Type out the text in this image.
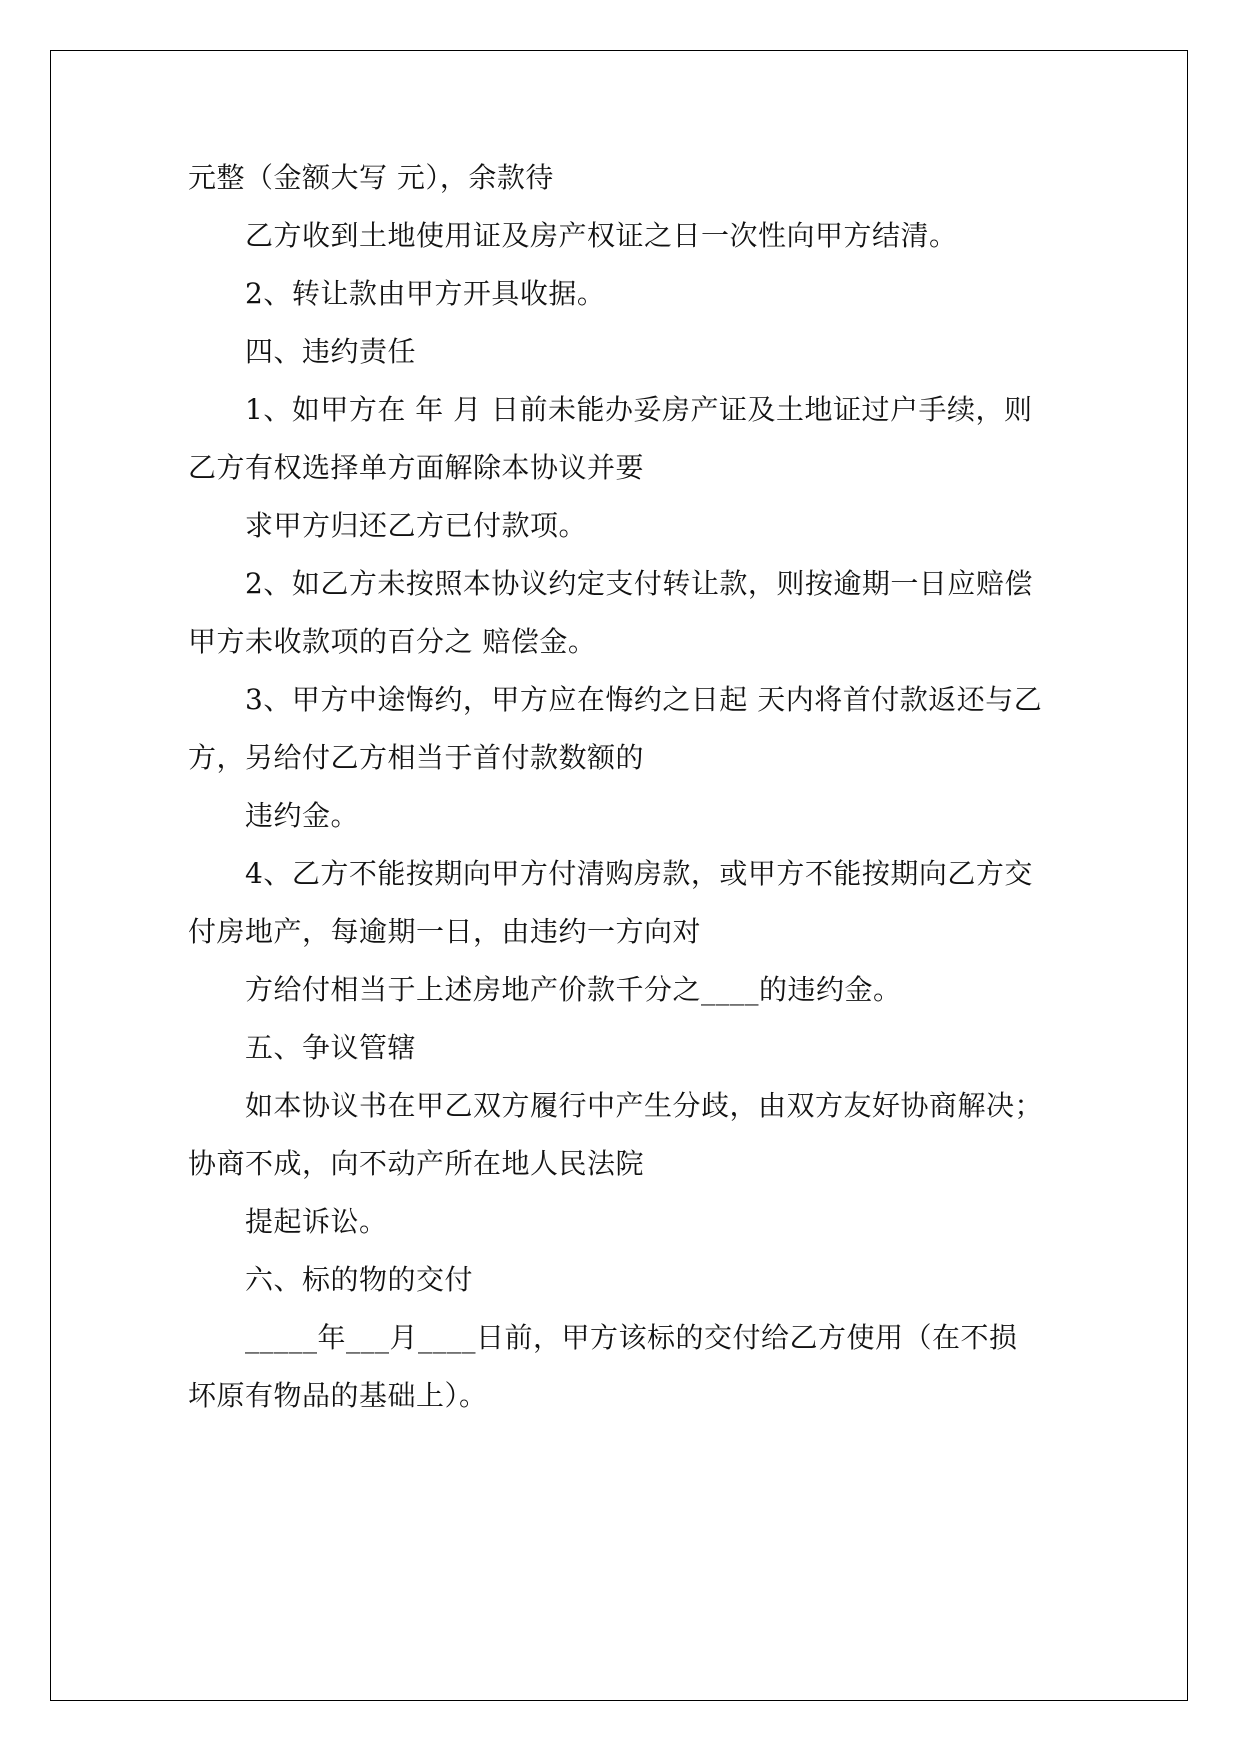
元整（金额大写 元），余款待
乙方收到土地使用证及房产权证之日一次性向甲方结清。
2、转让款由甲方开具收据。
四、违约责任
1、如甲方在 年 月 日前未能办妥房产证及土地证过户手续，则
乙方有权选择单方面解除本协议并要
求甲方归还乙方已付款项。
2、如乙方未按照本协议约定支付转让款，则按逾期一日应赔偿
甲方未收款项的百分之 赔偿金。
3、甲方中途悔约，甲方应在悔约之日起 天内将首付款返还与乙
方，另给付乙方相当于首付款数额的
违约金。
4、乙方不能按期向甲方付清购房款，或甲方不能按期向乙方交
付房地产，每逾期一日，由违约一方向对
方给付相当于上述房地产价款千分之____的违约金。
五、争议管辖
如本协议书在甲乙双方履行中产生分歧，由双方友好协商解决；
协商不成，向不动产所在地人民法院
提起诉讼。
六、标的物的交付
_____年___月____日前，甲方该标的交付给乙方使用（在不损
坏原有物品的基础上）。
